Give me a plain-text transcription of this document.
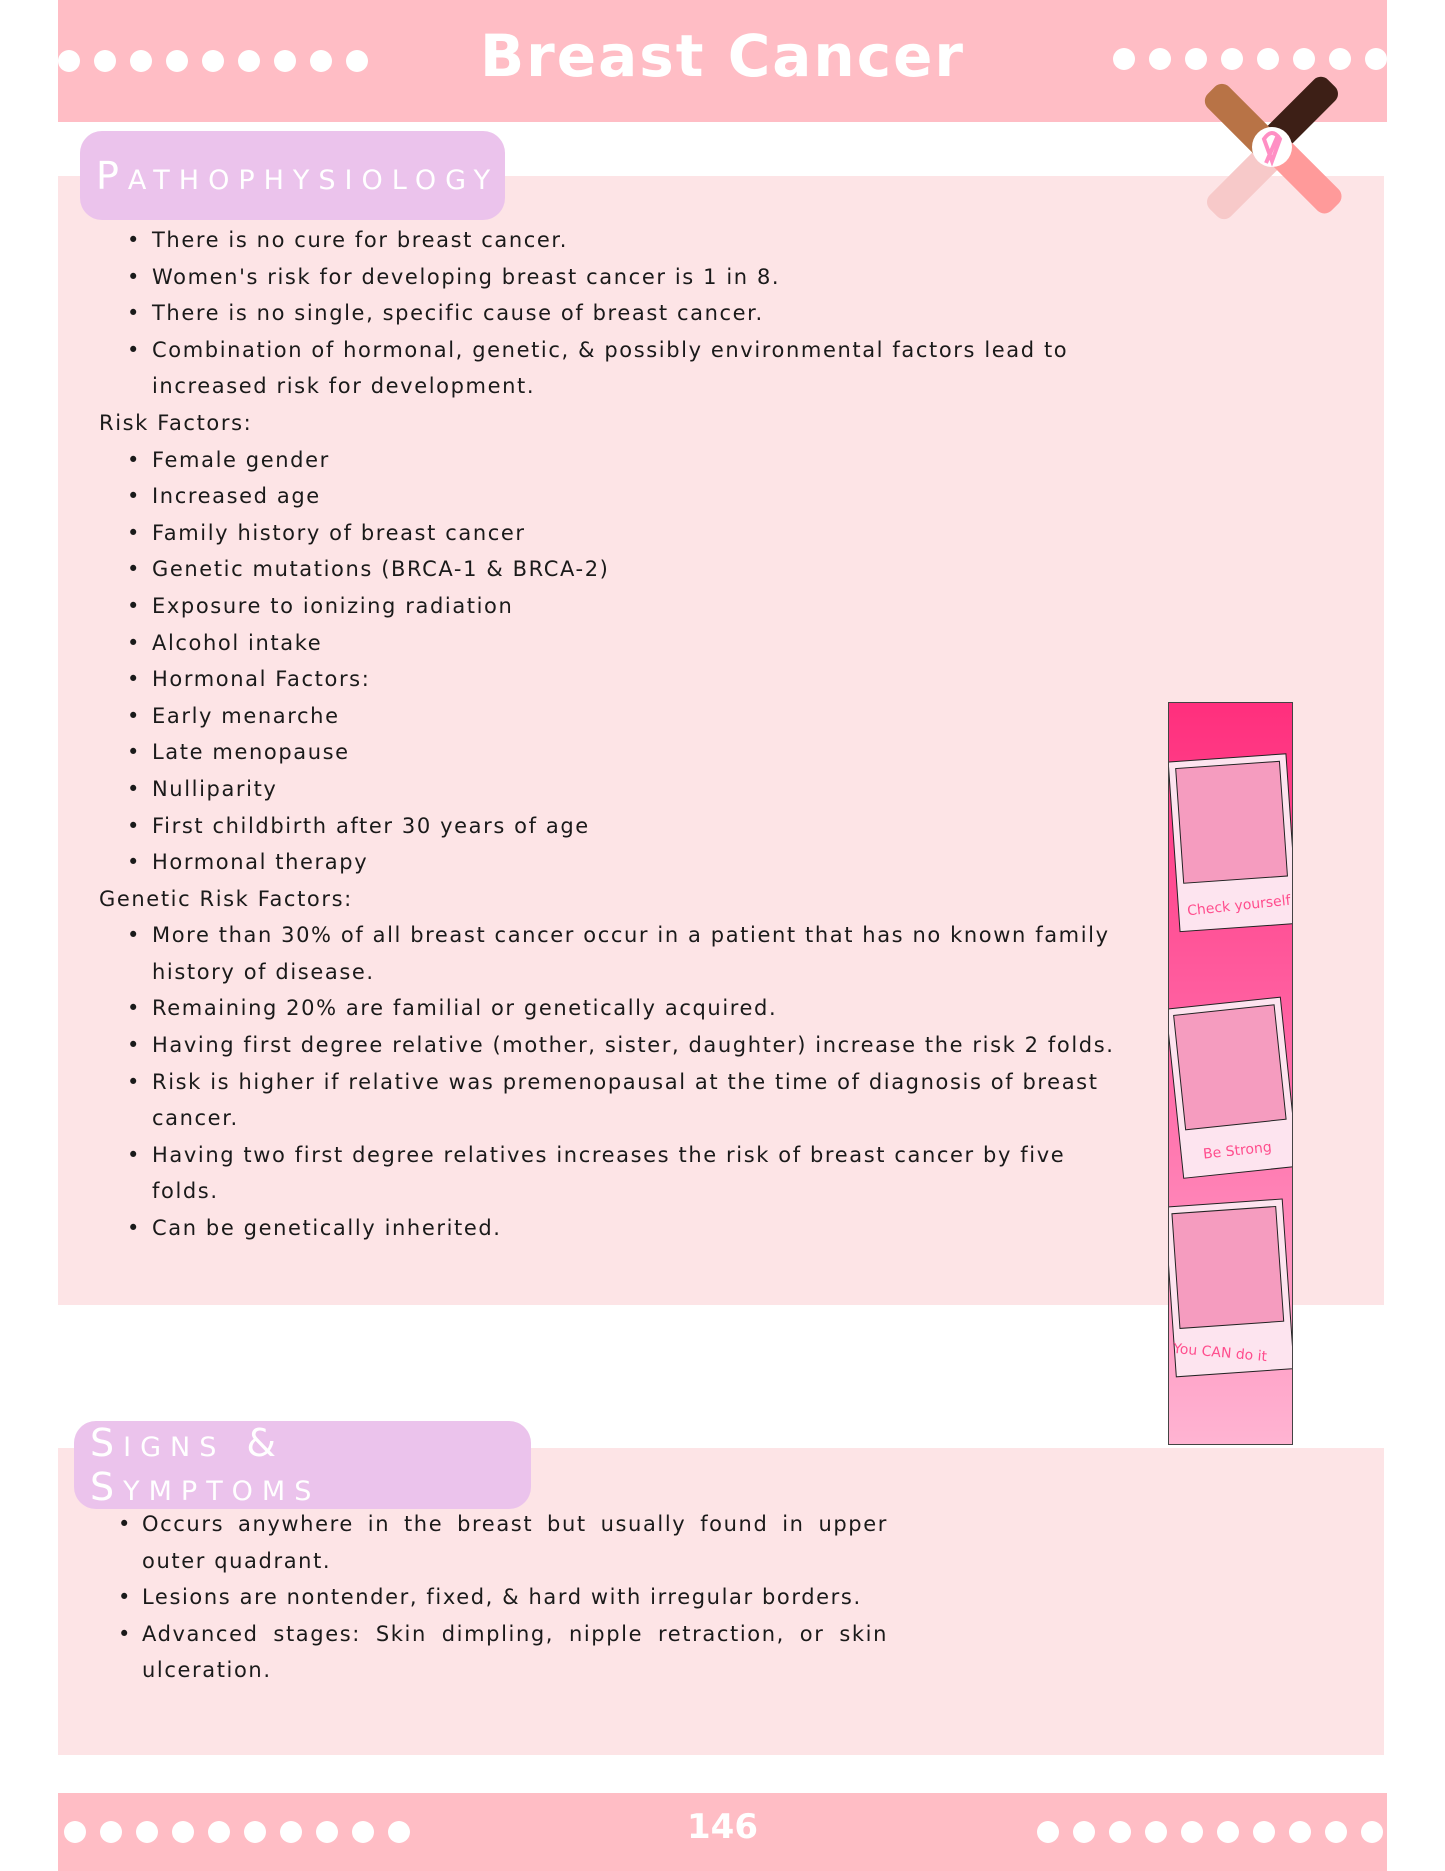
Breast Cancer
Pathophysiology
• There is no cure for breast cancer.
• Women's risk for developing breast cancer is 1 in 8.
• There is no single, specific cause of breast cancer.
• Combination of hormonal, genetic, & possibly environmental factors lead to increased risk for development.
Risk Factors:
• Female gender
• Increased age
• Family history of breast cancer
• Genetic mutations (BRCA-1 & BRCA-2)
• Exposure to ionizing radiation
• Alcohol intake
• Hormonal Factors:
• Early menarche
• Late menopause
• Nulliparity
• First childbirth after 30 years of age
• Hormonal therapy
Genetic Risk Factors:
• More than 30% of all breast cancer occur in a patient that has no known family history of disease.
• Remaining 20% are familial or genetically acquired.
• Having first degree relative (mother, sister, daughter) increase the risk 2 folds.
• Risk is higher if relative was premenopausal at the time of diagnosis of breast cancer.
• Having two first degree relatives increases the risk of breast cancer by five folds.
• Can be genetically inherited.
Check yourself
Be Strong
You CAN do it
Signs & Symptoms
• Occurs anywhere in the breast but usually found in upper outer quadrant.
• Lesions are nontender, fixed, & hard with irregular borders.
• Advanced stages: Skin dimpling, nipple retraction, or skin ulceration.
146
